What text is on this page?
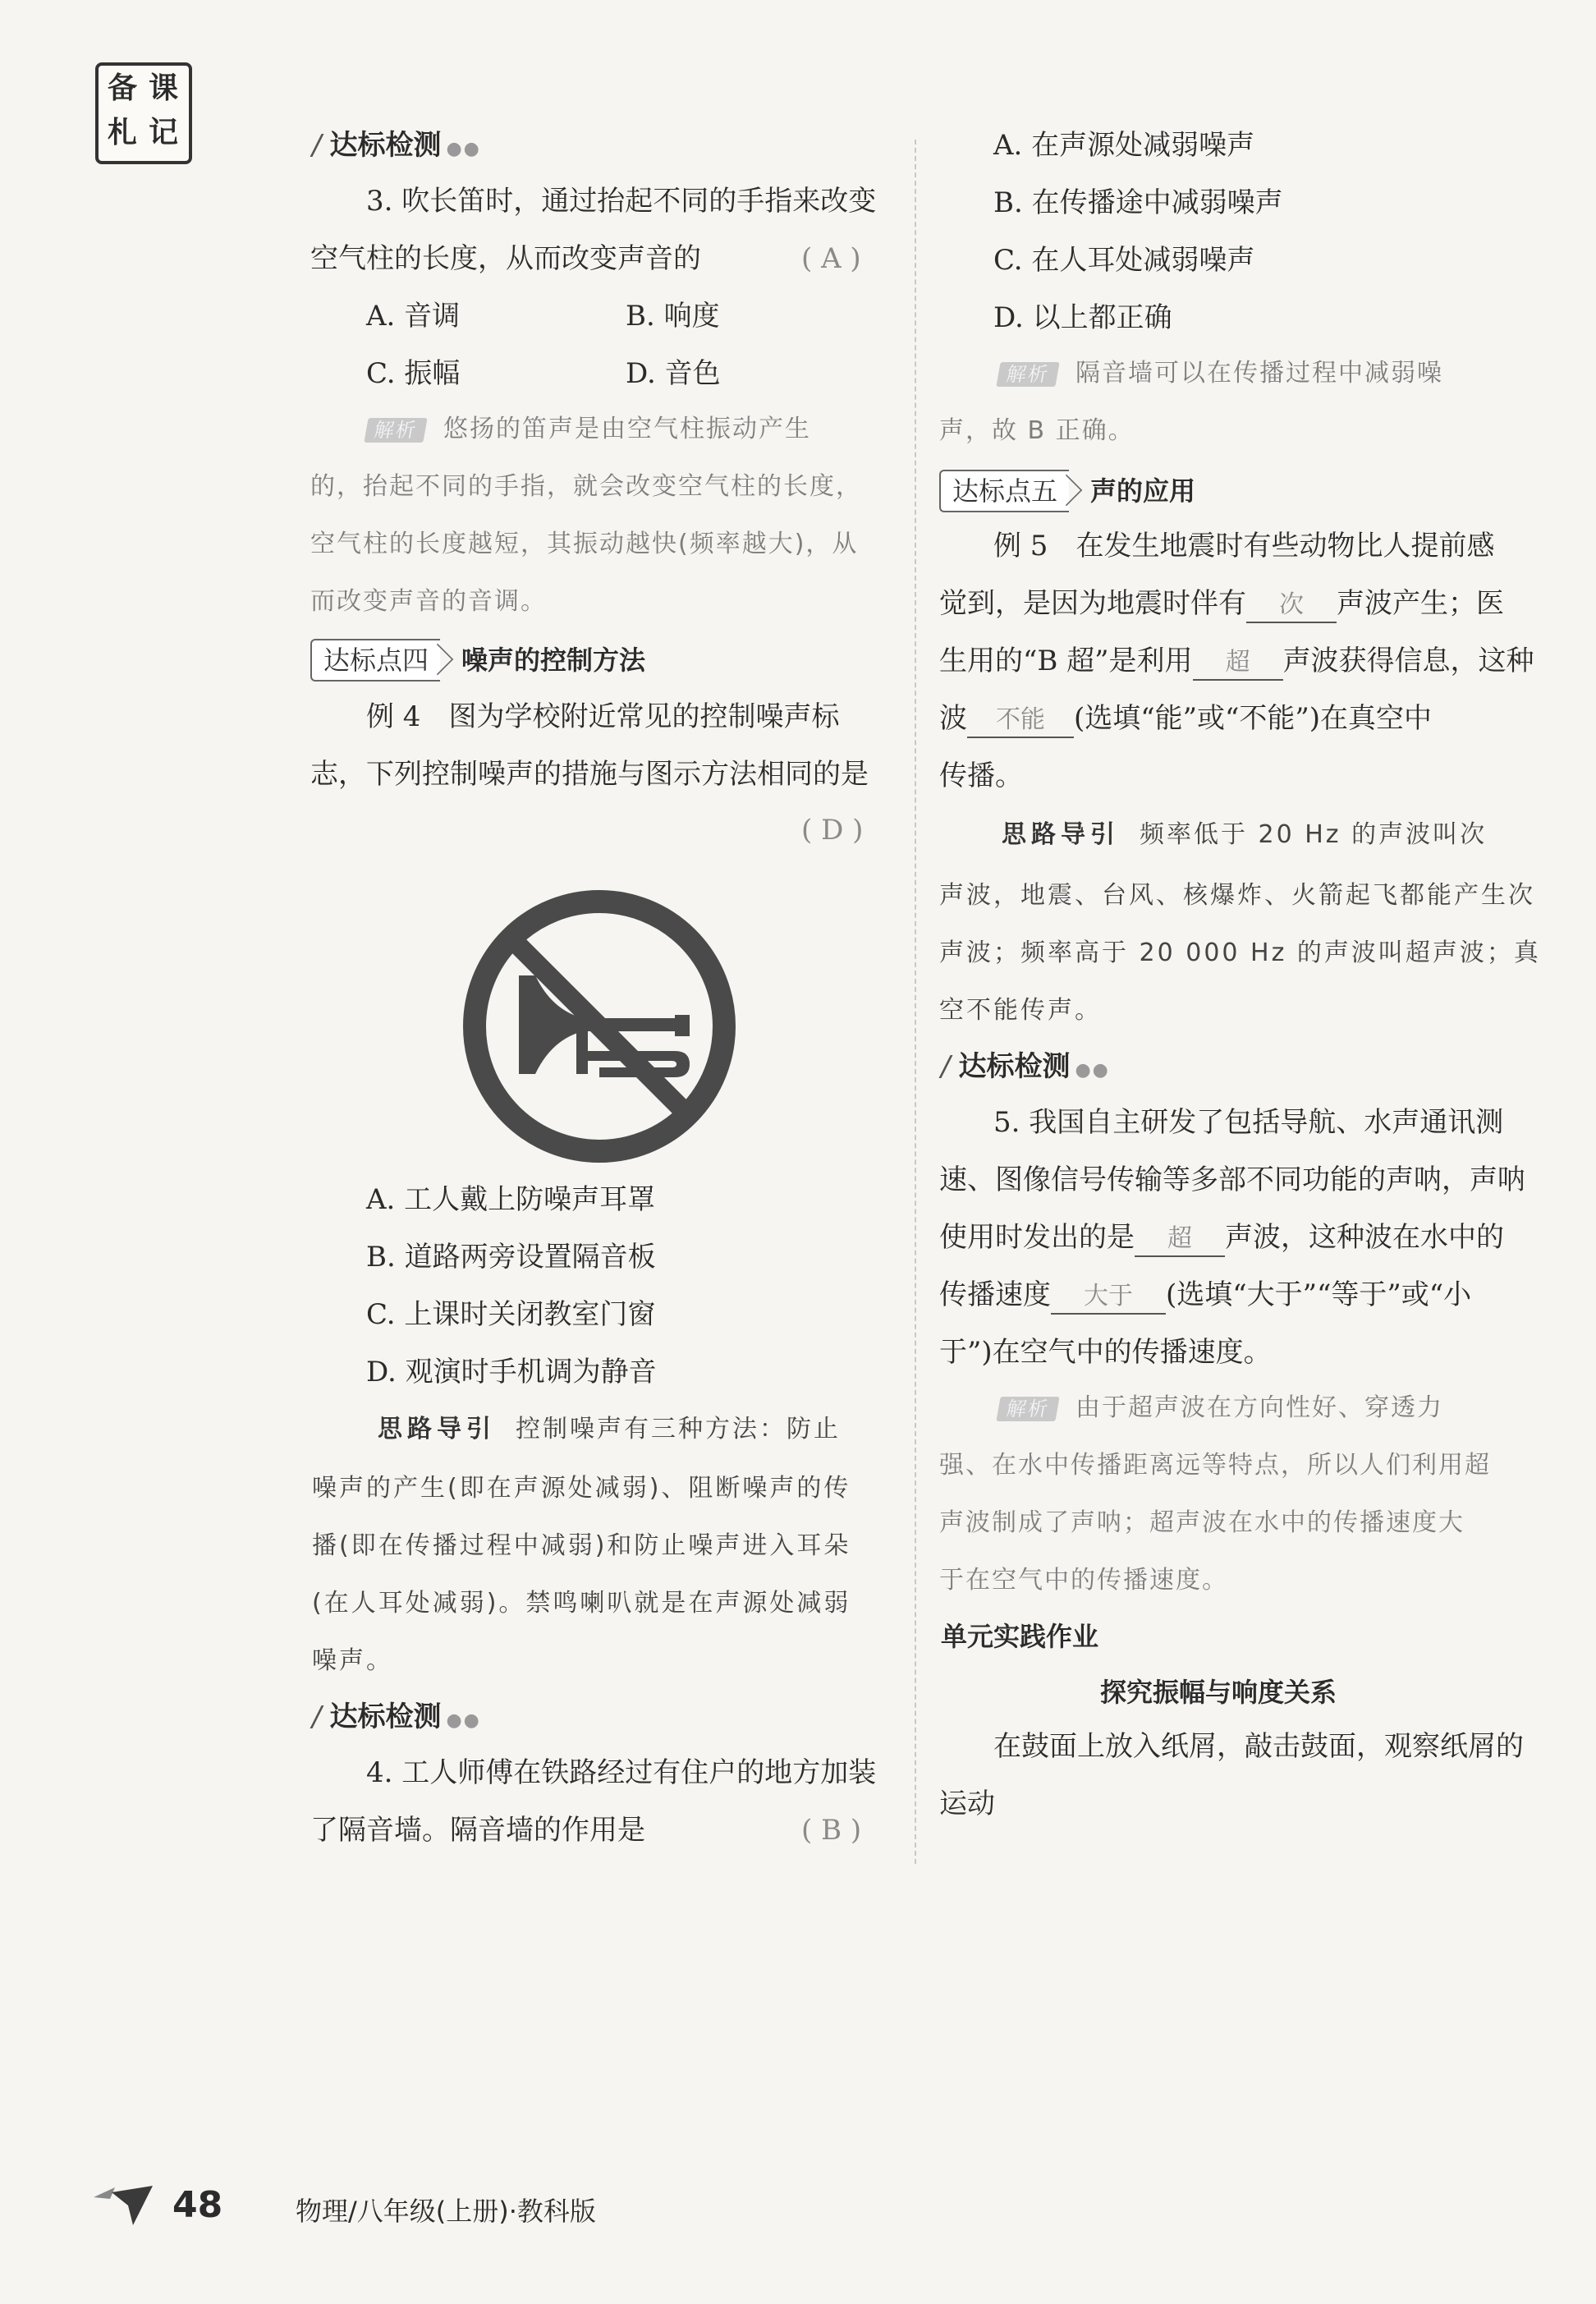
备 课
札 记	/ 达标检测 ●●
3. 吹长笛时，通过抬起不同的手指来改变
空气柱的长度，从而改变声音的	( A )
A. 音调	B. 响度
C. 振幅	D. 音色
解析 悠扬的笛声是由空气柱振动产生
的，抬起不同的手指，就会改变空气柱的长度，
空气柱的长度越短，其振动越快(频率越大)，从
而改变声音的音调。
达标点四 噪声的控制方法
例 4　图为学校附近常见的控制噪声标
志，下列控制噪声的措施与图示方法相同的是
( D )
A. 工人戴上防噪声耳罩
B. 道路两旁设置隔音板
C. 上课时关闭教室门窗
D. 观演时手机调为静音
思路导引 控制噪声有三种方法：防止
噪声的产生(即在声源处减弱)、阻断噪声的传
播(即在传播过程中减弱)和防止噪声进入耳朵
(在人耳处减弱)。禁鸣喇叭就是在声源处减弱
噪声。
/ 达标检测 ●●
4. 工人师傅在铁路经过有住户的地方加装
了隔音墙。隔音墙的作用是	( B )
A. 在声源处减弱噪声
B. 在传播途中减弱噪声
C. 在人耳处减弱噪声
D. 以上都正确
解析 隔音墙可以在传播过程中减弱噪
声，故 B 正确。
达标点五 声的应用
例 5　在发生地震时有些动物比人提前感
觉到，是因为地震时伴有 次 声波产生；医
生用的“B 超”是利用 超 声波获得信息，这种
波 不能 (选填“能”或“不能”)在真空中
传播。
思路导引 频率低于 20 Hz 的声波叫次
声波，地震、台风、核爆炸、火箭起飞都能产生次
声波；频率高于 20 000 Hz 的声波叫超声波；真
空不能传声。
/ 达标检测 ●●
5. 我国自主研发了包括导航、水声通讯测
速、图像信号传输等多部不同功能的声呐，声呐
使用时发出的是 超 声波，这种波在水中的
传播速度 大于 (选填“大于”“等于”或“小
于”)在空气中的传播速度。
解析 由于超声波在方向性好、穿透力
强、在水中传播距离远等特点，所以人们利用超
声波制成了声呐；超声波在水中的传播速度大
于在空气中的传播速度。
单元实践作业
探究振幅与响度关系
在鼓面上放入纸屑，敲击鼓面，观察纸屑的
运动
48	物理/八年级(上册)·教科版
